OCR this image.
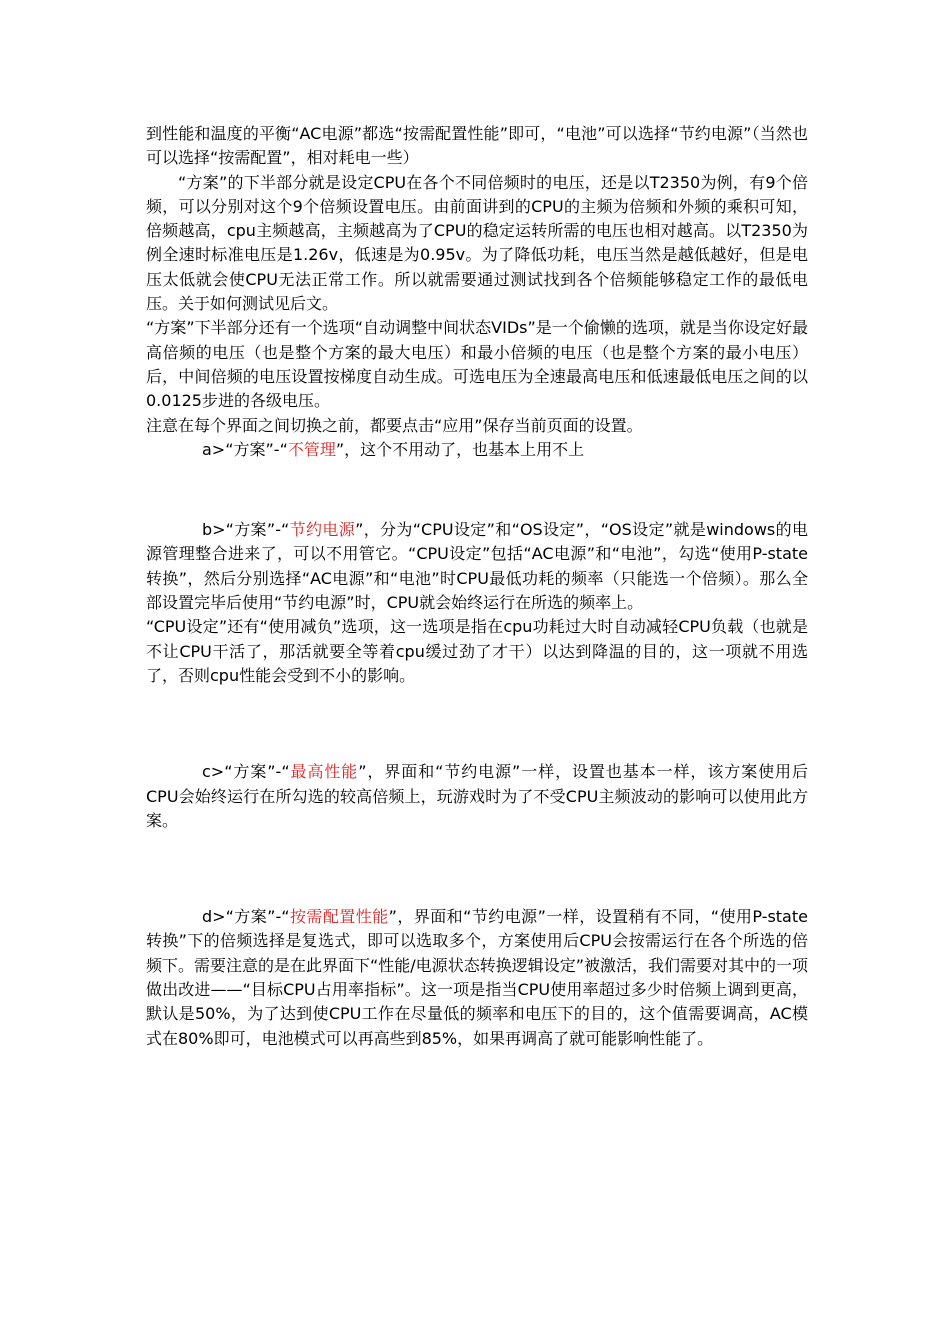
到性能和温度的平衡“AC电源”都选“按需配置性能”即可，“电池”可以选择“节约电源”（当然也可以选择“按需配置”，相对耗电一些）

“方案”的下半部分就是设定CPU在各个不同倍频时的电压，还是以T2350为例，有9个倍频，可以分别对这个9个倍频设置电压。由前面讲到的CPU的主频为倍频和外频的乘积可知，倍频越高，cpu主频越高，主频越高为了CPU的稳定运转所需的电压也相对越高。以T2350为例全速时标准电压是1.26v，低速是为0.95v。为了降低功耗，电压当然是越低越好，但是电压太低就会使CPU无法正常工作。所以就需要通过测试找到各个倍频能够稳定工作的最低电压。关于如何测试见后文。

“方案”下半部分还有一个选项“自动调整中间状态VIDs”是一个偷懒的选项，就是当你设定好最高倍频的电压（也是整个方案的最大电压）和最小倍频的电压（也是整个方案的最小电压）后，中间倍频的电压设置按梯度自动生成。可选电压为全速最高电压和低速最低电压之间的以0.0125步进的各级电压。

注意在每个界面之间切换之前，都要点击“应用”保存当前页面的设置。

a>“方案”-“不管理”，这个不用动了，也基本上用不上

b>“方案”-“节约电源”，分为“CPU设定”和“OS设定”，“OS设定”就是windows的电源管理整合进来了，可以不用管它。“CPU设定”包括“AC电源”和“电池”，勾选“使用P-state转换”，然后分别选择“AC电源”和“电池”时CPU最低功耗的频率（只能选一个倍频）。那么全部设置完毕后使用“节约电源”时，CPU就会始终运行在所选的频率上。

“CPU设定”还有“使用减负”选项，这一选项是指在cpu功耗过大时自动减轻CPU负载（也就是不让CPU干活了，那活就要全等着cpu缓过劲了才干）以达到降温的目的，这一项就不用选了，否则cpu性能会受到不小的影响。

c>“方案”-“最高性能”，界面和“节约电源”一样，设置也基本一样，该方案使用后CPU会始终运行在所勾选的较高倍频上，玩游戏时为了不受CPU主频波动的影响可以使用此方案。

d>“方案”-“按需配置性能”，界面和“节约电源”一样，设置稍有不同，“使用P-state转换”下的倍频选择是复选式，即可以选取多个，方案使用后CPU会按需运行在各个所选的倍频下。需要注意的是在此界面下“性能/电源状态转换逻辑设定”被激活，我们需要对其中的一项做出改进——“目标CPU占用率指标”。这一项是指当CPU使用率超过多少时倍频上调到更高，默认是50%，为了达到使CPU工作在尽量低的频率和电压下的目的，这个值需要调高，AC模式在80%即可，电池模式可以再高些到85%，如果再调高了就可能影响性能了。
